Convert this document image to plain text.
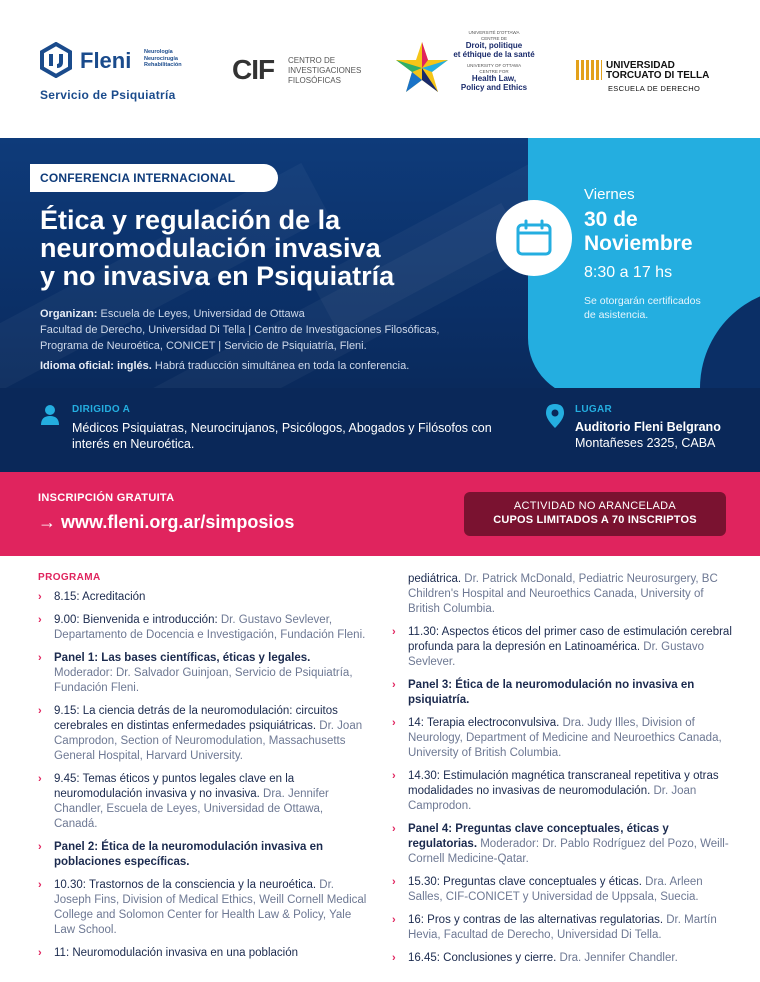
Fleni Neurología
Neurocirugía
Rehabilitación
Servicio de Psiquiatría
CIF CENTRO DE
INVESTIGACIONES
FILOSÓFICAS
UNIVERSITÉ D'OTTAWA
CENTRE DE
Droit, politique
et éthique de la santé
UNIVERSITY OF OTTAWA
CENTRE FOR
Health Law,
Policy and Ethics
UNIVERSIDAD
TORCUATO DI TELLA
ESCUELA DE DERECHO
CONFERENCIA INTERNACIONAL
Ética y regulación de la
neuromodulación invasiva
y no invasiva en Psiquiatría
Organizan: Escuela de Leyes, Universidad de Ottawa
Facultad de Derecho, Universidad Di Tella | Centro de Investigaciones Filosóficas,
Programa de Neuroética, CONICET | Servicio de Psiquiatría, Fleni.
Idioma oficial: inglés. Habrá traducción simultánea en toda la conferencia.
Viernes
30 de
Noviembre
8:30 a 17 hs
Se otorgarán certificados
de asistencia.
DIRIGIDO A
Médicos Psiquiatras, Neurocirujanos, Psicólogos, Abogados y Filósofos con interés en Neuroética.
LUGAR
Auditorio Fleni Belgrano
Montañeses 2325, CABA
INSCRIPCIÓN GRATUITA
→ www.fleni.org.ar/simposios
ACTIVIDAD NO ARANCELADA
CUPOS LIMITADOS A 70 INSCRIPTOS
PROGRAMA
› 8.15: Acreditación
› 9.00: Bienvenida e introducción: Dr. Gustavo Sevlever, Departamento de Docencia e Investigación, Fundación Fleni.
› Panel 1: Las bases científicas, éticas y legales. Moderador: Dr. Salvador Guinjoan, Servicio de Psiquiatría, Fundación Fleni.
› 9.15: La ciencia detrás de la neuromodulación: circuitos cerebrales en distintas enfermedades psiquiátricas. Dr. Joan Camprodon, Section of Neuromodulation, Massachusetts General Hospital, Harvard University.
› 9.45: Temas éticos y puntos legales clave en la neuromodulación invasiva y no invasiva. Dra. Jennifer Chandler, Escuela de Leyes, Universidad de Ottawa, Canadá.
› Panel 2: Ética de la neuromodulación invasiva en poblaciones específicas.
› 10.30: Trastornos de la consciencia y la neuroética. Dr. Joseph Fins, Division of Medical Ethics, Weill Cornell Medical College and Solomon Center for Health Law & Policy, Yale Law School.
› 11: Neuromodulación invasiva en una población
pediátrica. Dr. Patrick McDonald, Pediatric Neurosurgery, BC Children's Hospital and Neuroethics Canada, University of British Columbia.
› 11.30: Aspectos éticos del primer caso de estimulación cerebral profunda para la depresión en Latinoamérica. Dr. Gustavo Sevlever.
› Panel 3: Ética de la neuromodulación no invasiva en psiquiatría.
› 14: Terapia electroconvulsiva. Dra. Judy Illes, Division of Neurology, Department of Medicine and Neuroethics Canada, University of British Columbia.
› 14.30: Estimulación magnética transcraneal repetitiva y otras modalidades no invasivas de neuromodulación. Dr. Joan Camprodon.
› Panel 4: Preguntas clave conceptuales, éticas y regulatorias. Moderador: Dr. Pablo Rodríguez del Pozo, Weill-Cornell Medicine-Qatar.
› 15.30: Preguntas clave conceptuales y éticas. Dra. Arleen Salles, CIF-CONICET y Universidad de Uppsala, Suecia.
› 16: Pros y contras de las alternativas regulatorias. Dr. Martín Hevia, Facultad de Derecho, Universidad Di Tella.
› 16.45: Conclusiones y cierre. Dra. Jennifer Chandler.
